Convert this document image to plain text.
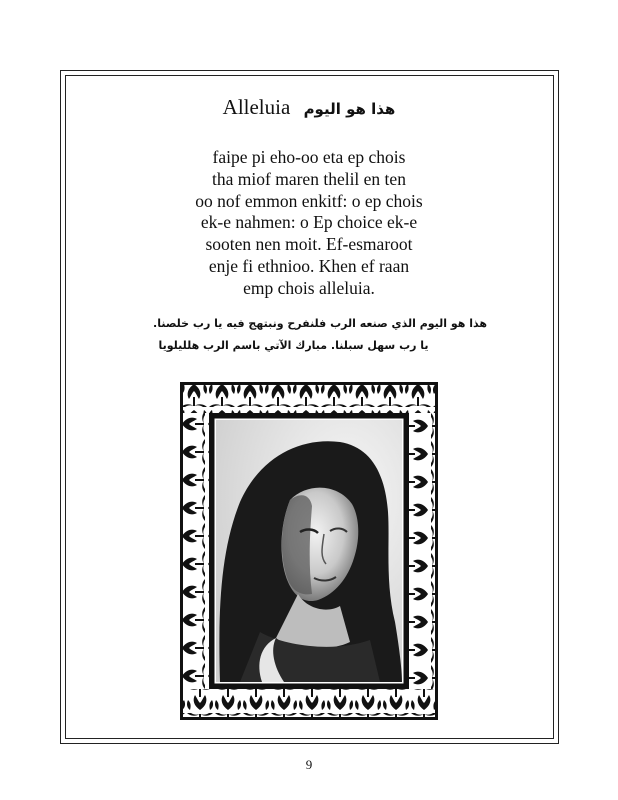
Alleluia هذا هو اليوم
faipe pi eho-oo eta ep chois
tha miof maren thelil en ten
oo nof emmon enkitf: o ep chois
ek-e nahmen: o Ep choice ek-e
sooten nen moit. Ef-esmaroot
enje fi ethnioo. Khen ef raan
emp chois alleluia.
هذا هو اليوم الذي صنعه الرب فلنفرح ونبتهج فيه يا رب خلصنا.
يا رب سهل سبلنا. مبارك الآتي باسم الرب هلليلويا
9
